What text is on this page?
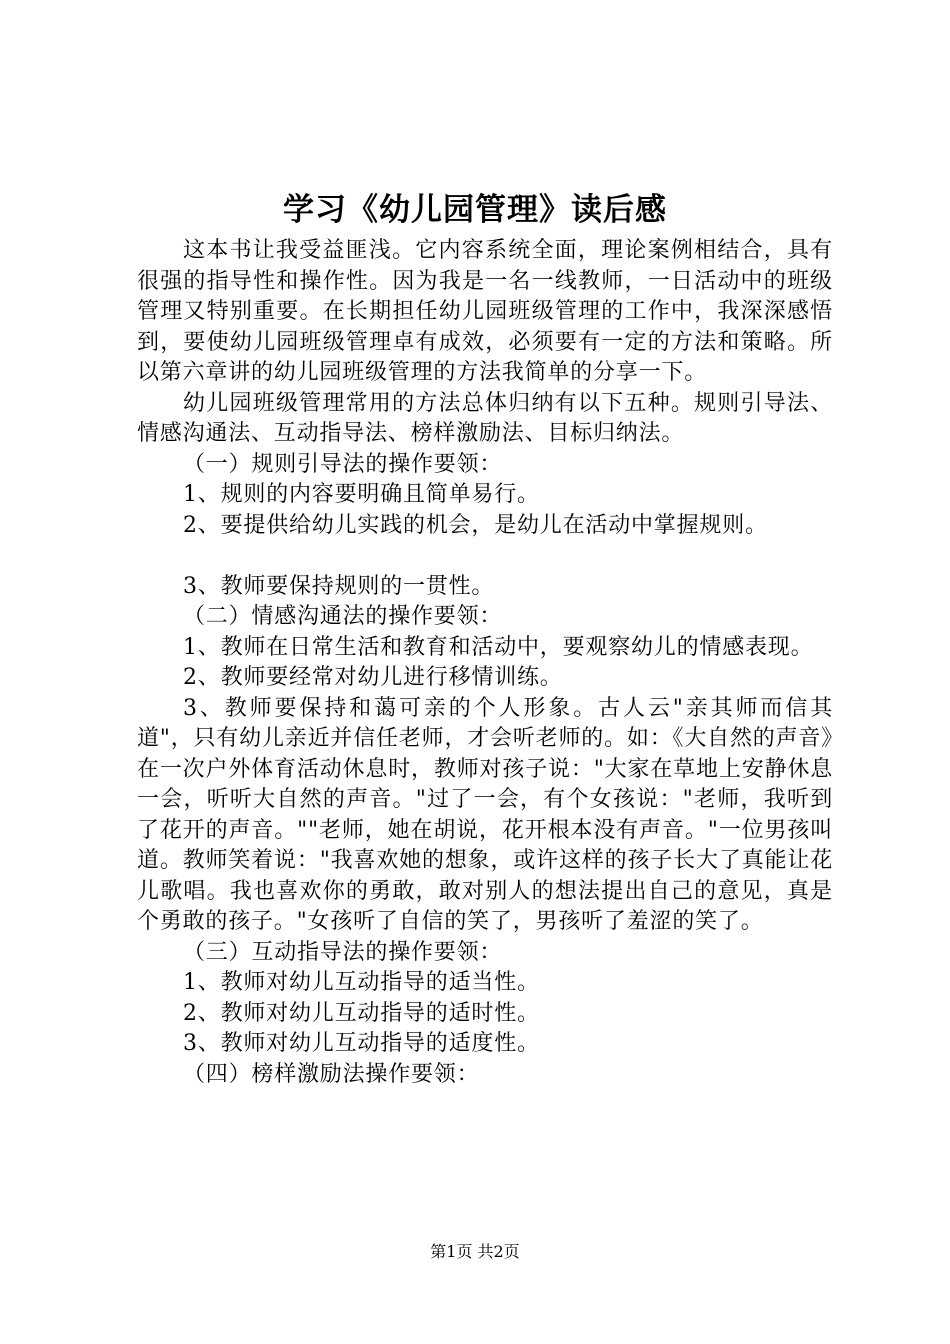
学习《幼儿园管理》读后感

这本书让我受益匪浅。它内容系统全面，理论案例相结合，具有很强的指导性和操作性。因为我是一名一线教师，一日活动中的班级管理又特别重要。在长期担任幼儿园班级管理的工作中，我深深感悟到，要使幼儿园班级管理卓有成效，必须要有一定的方法和策略。所以第六章讲的幼儿园班级管理的方法我简单的分享一下。

幼儿园班级管理常用的方法总体归纳有以下五种。规则引导法、情感沟通法、互动指导法、榜样激励法、目标归纳法。

（一）规则引导法的操作要领：

1、规则的内容要明确且简单易行。

2、要提供给幼儿实践的机会，是幼儿在活动中掌握规则。

3、教师要保持规则的一贯性。

（二）情感沟通法的操作要领：

1、教师在日常生活和教育和活动中，要观察幼儿的情感表现。

2、教师要经常对幼儿进行移情训练。

3、教师要保持和蔼可亲的个人形象。古人云"亲其师而信其道"，只有幼儿亲近并信任老师，才会听老师的。如：《大自然的声音》在一次户外体育活动休息时，教师对孩子说："大家在草地上安静休息一会，听听大自然的声音。"过了一会，有个女孩说："老师，我听到了花开的声音。""老师，她在胡说，花开根本没有声音。"一位男孩叫道。教师笑着说："我喜欢她的想象，或许这样的孩子长大了真能让花儿歌唱。我也喜欢你的勇敢，敢对别人的想法提出自己的意见，真是个勇敢的孩子。"女孩听了自信的笑了，男孩听了羞涩的笑了。

（三）互动指导法的操作要领：

1、教师对幼儿互动指导的适当性。

2、教师对幼儿互动指导的适时性。

3、教师对幼儿互动指导的适度性。

（四）榜样激励法操作要领：

第1页 共2页
